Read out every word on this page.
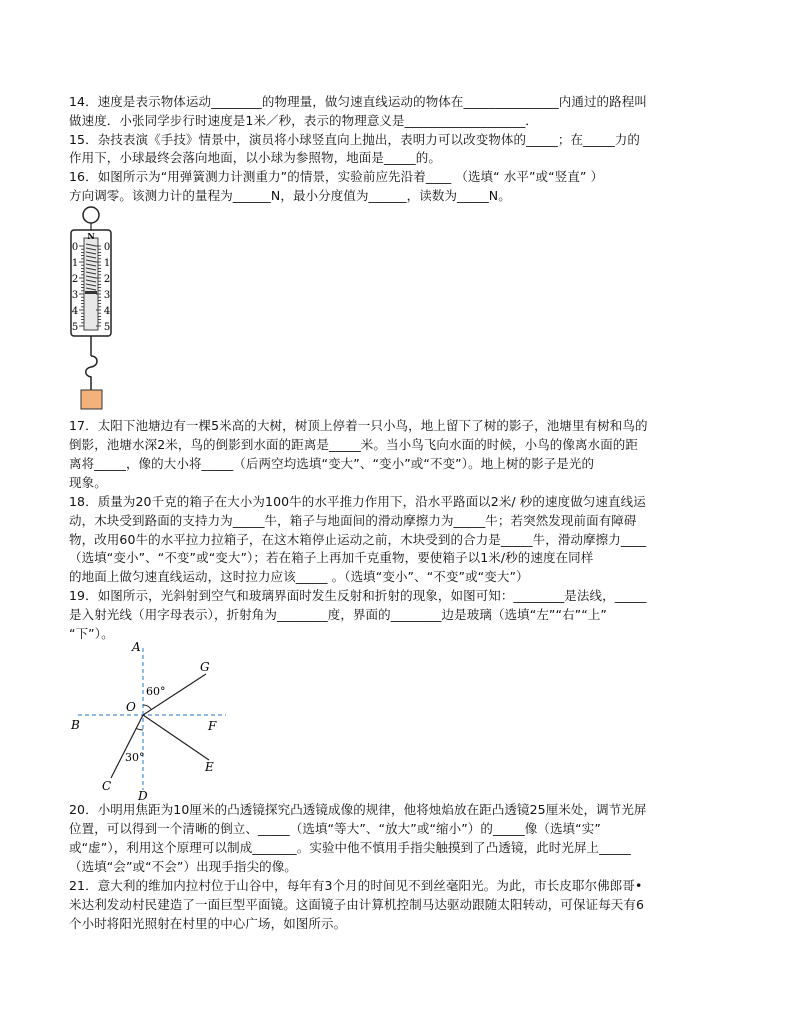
14．速度是表示物体运动________的物理量，做匀速直线运动的物体在_______________内通过的路程叫
做速度．小张同学步行时速度是1米／秒，表示的物理意义是___________________．
15．杂技表演《手技》情景中，演员将小球竖直向上抛出，表明力可以改变物体的_____；在_____力的
作用下，小球最终会落向地面，以小球为参照物，地面是_____的。
16．如图所示为“用弹簧测力计测重力”的情景，实验前应先沿着____ （选填“ 水平”或“竖直” ）
方向调零。该测力计的量程为______N，最小分度值为______，读数为_____N。
N
0
1
2
3
4
5
0
1
2
3
4
5
17．太阳下池塘边有一棵5米高的大树，树顶上停着一只小鸟，地上留下了树的影子，池塘里有树和鸟的
倒影，池塘水深2米，鸟的倒影到水面的距离是_____米。当小鸟飞向水面的时候，小鸟的像离水面的距
离将_____，像的大小将_____（后两空均选填“变大”、“变小”或“不变”）。地上树的影子是光的
现象。
18．质量为20千克的箱子在大小为100牛的水平推力作用下，沿水平路面以2米/ 秒的速度做匀速直线运
动，木块受到路面的支持力为_____牛，箱子与地面间的滑动摩擦力为_____牛；若突然发现前面有障碍
物，改用60牛的水平拉力拉箱子，在这木箱停止运动之前，木块受到的合力是_____牛，滑动摩擦力____
（选填“变小”、“不变”或“变大”）；若在箱子上再加千克重物，要使箱子以1米/秒的速度在同样
的地面上做匀速直线运动，这时拉力应该_____ 。（选填“变小”、“不变”或“变大”）
19．如图所示，光斜射到空气和玻璃界面时发生反射和折射的现象，如图可知：________是法线，_____
是入射光线（用字母表示），折射角为________度，界面的________边是玻璃（选填“左”“右”“上”
“下”）。
A
B
C
D
E
F
G
O
60°
30°
20．小明用焦距为10厘米的凸透镜探究凸透镜成像的规律，他将烛焰放在距凸透镜25厘米处，调节光屏
位置，可以得到一个清晰的倒立、_____（选填“等大”、“放大”或“缩小”）的_____像（选填“实”
或“虚”），利用这个原理可以制成_______。实验中他不慎用手指尖触摸到了凸透镜，此时光屏上_____
（选填“会”或“不会”）出现手指尖的像。
21．意大利的维加内拉村位于山谷中，每年有3个月的时间见不到丝毫阳光。为此，市长皮耶尔佛郎哥•
米达利发动村民建造了一面巨型平面镜。这面镜子由计算机控制马达驱动跟随太阳转动，可保证每天有6
个小时将阳光照射在村里的中心广场，如图所示。
